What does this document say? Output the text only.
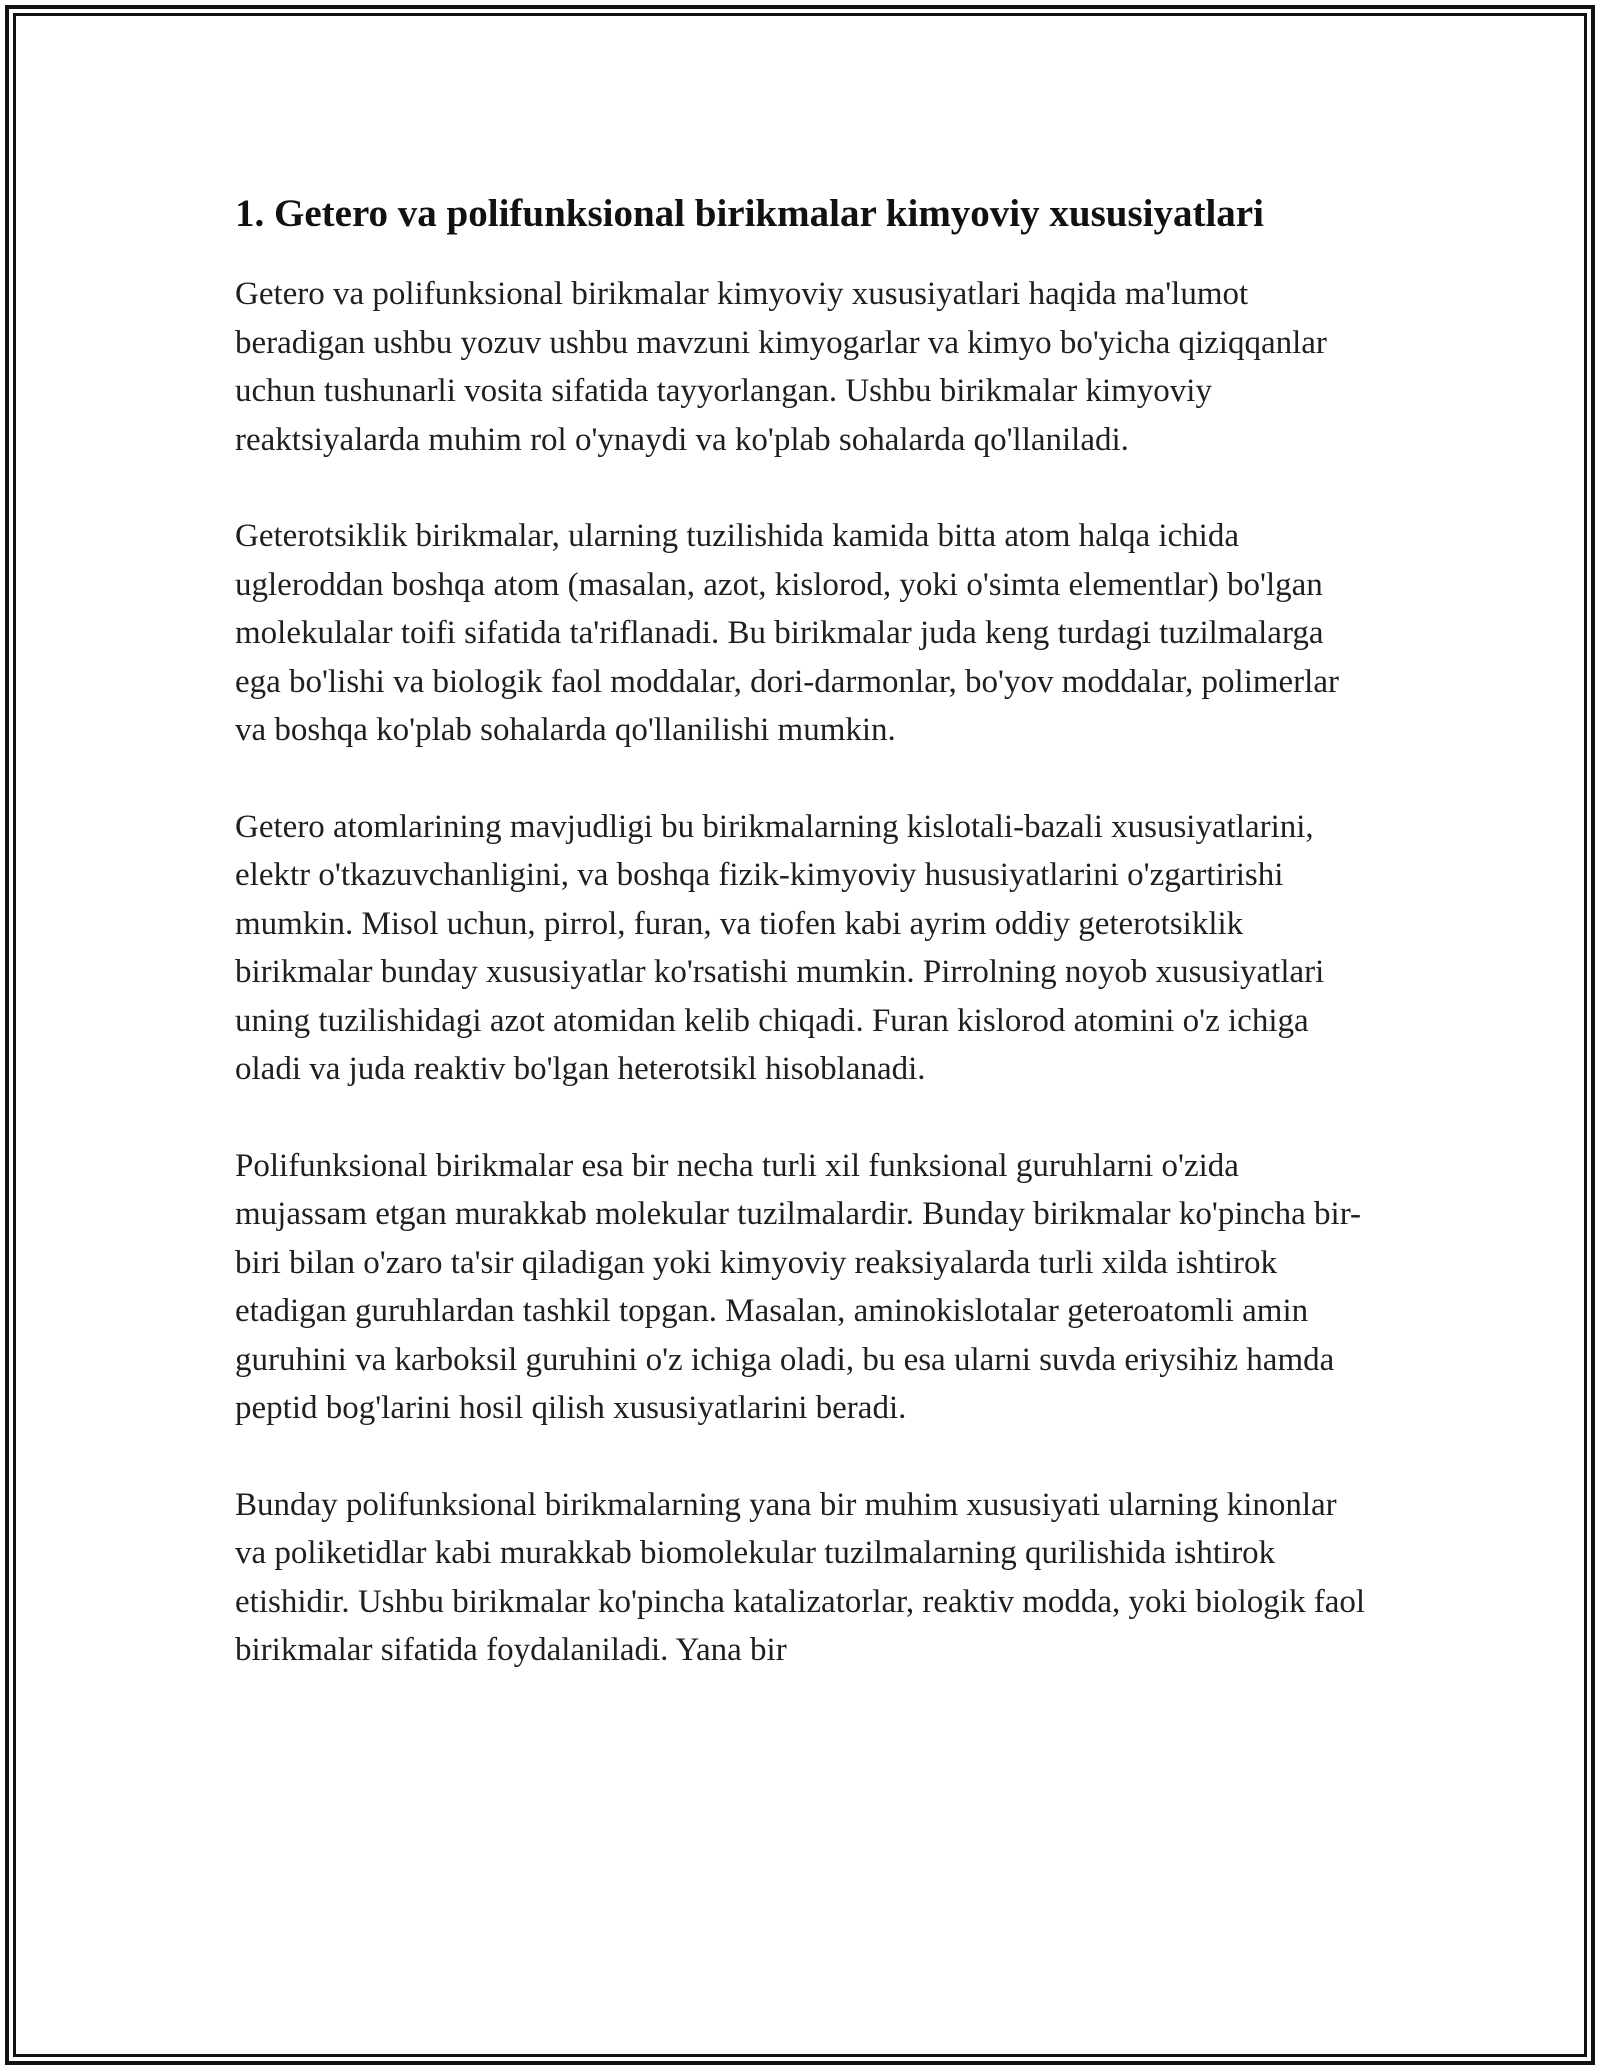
1. Getero va polifunksional birikmalar kimyoviy xususiyatlari

Getero va polifunksional birikmalar kimyoviy xususiyatlari haqida ma'lumot beradigan ushbu yozuv ushbu mavzuni kimyogarlar va kimyo bo'yicha qiziqqanlar uchun tushunarli vosita sifatida tayyorlangan. Ushbu birikmalar kimyoviy reaktsiyalarda muhim rol o'ynaydi va ko'plab sohalarda qo'llaniladi.

Geterotsiklik birikmalar, ularning tuzilishida kamida bitta atom halqa ichida ugleroddan boshqa atom (masalan, azot, kislorod, yoki o'simta elementlar) bo'lgan molekulalar toifi sifatida ta'riflanadi. Bu birikmalar juda keng turdagi tuzilmalarga ega bo'lishi va biologik faol moddalar, dori-darmonlar, bo'yov moddalar, polimerlar va boshqa ko'plab sohalarda qo'llanilishi mumkin.

Getero atomlarining mavjudligi bu birikmalarning kislotali-bazali xususiyatlarini, elektr o'tkazuvchanligini, va boshqa fizik-kimyoviy hususiyatlarini o'zgartirishi mumkin. Misol uchun, pirrol, furan, va tiofen kabi ayrim oddiy geterotsiklik birikmalar bunday xususiyatlar ko'rsatishi mumkin. Pirrolning noyob xususiyatlari uning tuzilishidagi azot atomidan kelib chiqadi. Furan kislorod atomini o'z ichiga oladi va juda reaktiv bo'lgan heterotsikl hisoblanadi.

Polifunksional birikmalar esa bir necha turli xil funksional guruhlarni o'zida mujassam etgan murakkab molekular tuzilmalardir. Bunday birikmalar ko'pincha bir-biri bilan o'zaro ta'sir qiladigan yoki kimyoviy reaksiyalarda turli xilda ishtirok etadigan guruhlardan tashkil topgan. Masalan, aminokislotalar geteroatomli amin guruhini va karboksil guruhini o'z ichiga oladi, bu esa ularni suvda eriysihiz hamda peptid bog'larini hosil qilish xususiyatlarini beradi.

Bunday polifunksional birikmalarning yana bir muhim xususiyati ularning kinonlar va poliketidlar kabi murakkab biomolekular tuzilmalarning qurilishida ishtirok etishidir. Ushbu birikmalar ko'pincha katalizatorlar, reaktiv modda, yoki biologik faol birikmalar sifatida foydalaniladi. Yana bir
